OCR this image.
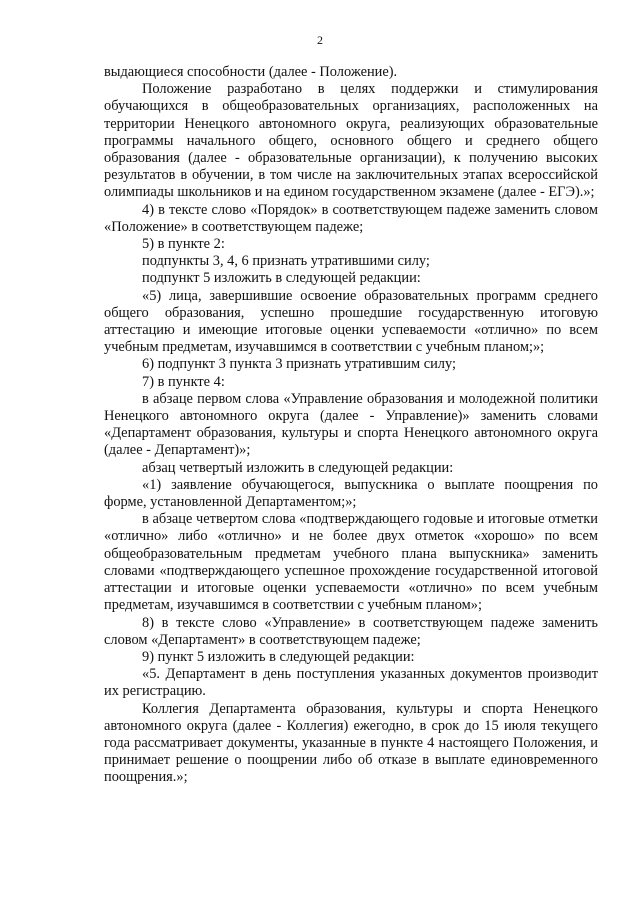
2

выдающиеся способности (далее - Положение).

Положение разработано в целях поддержки и стимулирования обучающихся в общеобразовательных организациях, расположенных на территории Ненецкого автономного округа, реализующих образовательные программы начального общего, основного общего и среднего общего образования (далее - образовательные организации), к получению высоких результатов в обучении, в том числе на заключительных этапах всероссийской олимпиады школьников и на едином государственном экзамене (далее - ЕГЭ).»;

4) в тексте слово «Порядок» в соответствующем падеже заменить словом «Положение» в соответствующем падеже;

5) в пункте 2:

подпункты 3, 4, 6 признать утратившими силу;

подпункт 5 изложить в следующей редакции:

«5) лица, завершившие освоение образовательных программ среднего общего образования, успешно прошедшие государственную итоговую аттестацию и имеющие итоговые оценки успеваемости «отлично» по всем учебным предметам, изучавшимся в соответствии с учебным планом;»;

6) подпункт 3 пункта 3 признать утратившим силу;

7) в пункте 4:

в абзаце первом слова «Управление образования и молодежной политики Ненецкого автономного округа (далее - Управление)» заменить словами «Департамент образования, культуры и спорта Ненецкого автономного округа (далее - Департамент)»;

абзац четвертый изложить в следующей редакции:

«1) заявление обучающегося, выпускника о выплате поощрения по форме, установленной Департаментом;»;

в абзаце четвертом слова «подтверждающего годовые и итоговые отметки «отлично» либо «отлично» и не более двух отметок «хорошо» по всем общеобразовательным предметам учебного плана выпускника» заменить словами «подтверждающего успешное прохождение государственной итоговой аттестации и итоговые оценки успеваемости «отлично» по всем учебным предметам, изучавшимся в соответствии с учебным планом»;

8) в тексте слово «Управление» в соответствующем падеже заменить словом «Департамент» в соответствующем падеже;

9) пункт 5 изложить в следующей редакции:

«5. Департамент в день поступления указанных документов производит их регистрацию.

Коллегия Департамента образования, культуры и спорта Ненецкого автономного округа (далее - Коллегия) ежегодно, в срок до 15 июля текущего года рассматривает документы, указанные в пункте 4 настоящего Положения, и принимает решение о поощрении либо об отказе в выплате единовременного поощрения.»;
